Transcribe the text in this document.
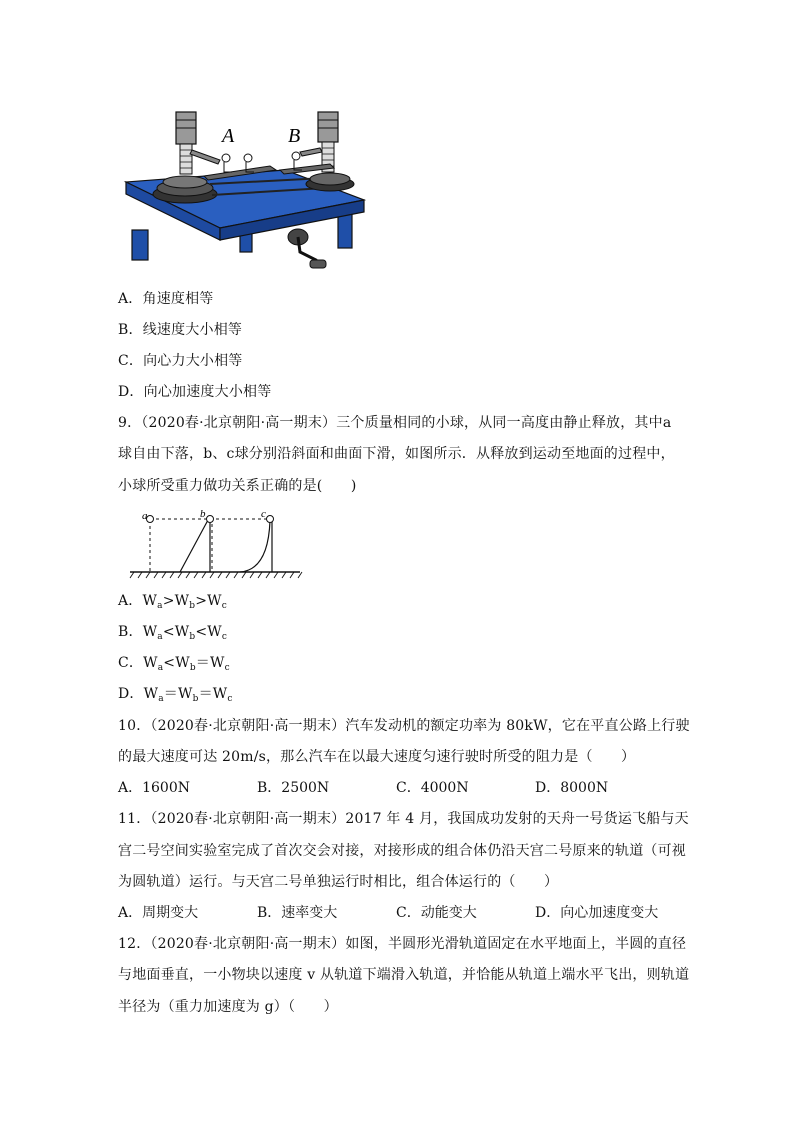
A	B
A．角速度相等
B．线速度大小相等
C．向心力大小相等
D．向心加速度大小相等
9．（2020春·北京朝阳·高一期末）三个质量相同的小球，从同一高度由静止释放，其中a
球自由下落，b、c球分别沿斜面和曲面下滑，如图所示．从释放到运动至地面的过程中，
小球所受重力做功关系正确的是(　　)
a	b	c
A．$W_a>W_b>W_c$
B．$W_a<W_b<W_c$
C．$W_a<W_b=W_c$
D．$W_a=W_b=W_c$
10．（2020春·北京朝阳·高一期末）汽车发动机的额定功率为 80kW，它在平直公路上行驶
的最大速度可达 20m/s，那么汽车在以最大速度匀速行驶时所受的阻力是（　　）
A．1600N	B．2500N	C．4000N	D．8000N
11．（2020春·北京朝阳·高一期末）2017 年 4 月，我国成功发射的天舟一号货运飞船与天
宫二号空间实验室完成了首次交会对接，对接形成的组合体仍沿天宫二号原来的轨道（可视
为圆轨道）运行。与天宫二号单独运行时相比，组合体运行的（　　）
A．周期变大	B．速率变大	C．动能变大	D．向心加速度变大
12．（2020春·北京朝阳·高一期末）如图，半圆形光滑轨道固定在水平地面上，半圆的直径
与地面垂直，一小物块以速度 v 从轨道下端滑入轨道，并恰能从轨道上端水平飞出，则轨道
半径为（重力加速度为 g）（　　）
